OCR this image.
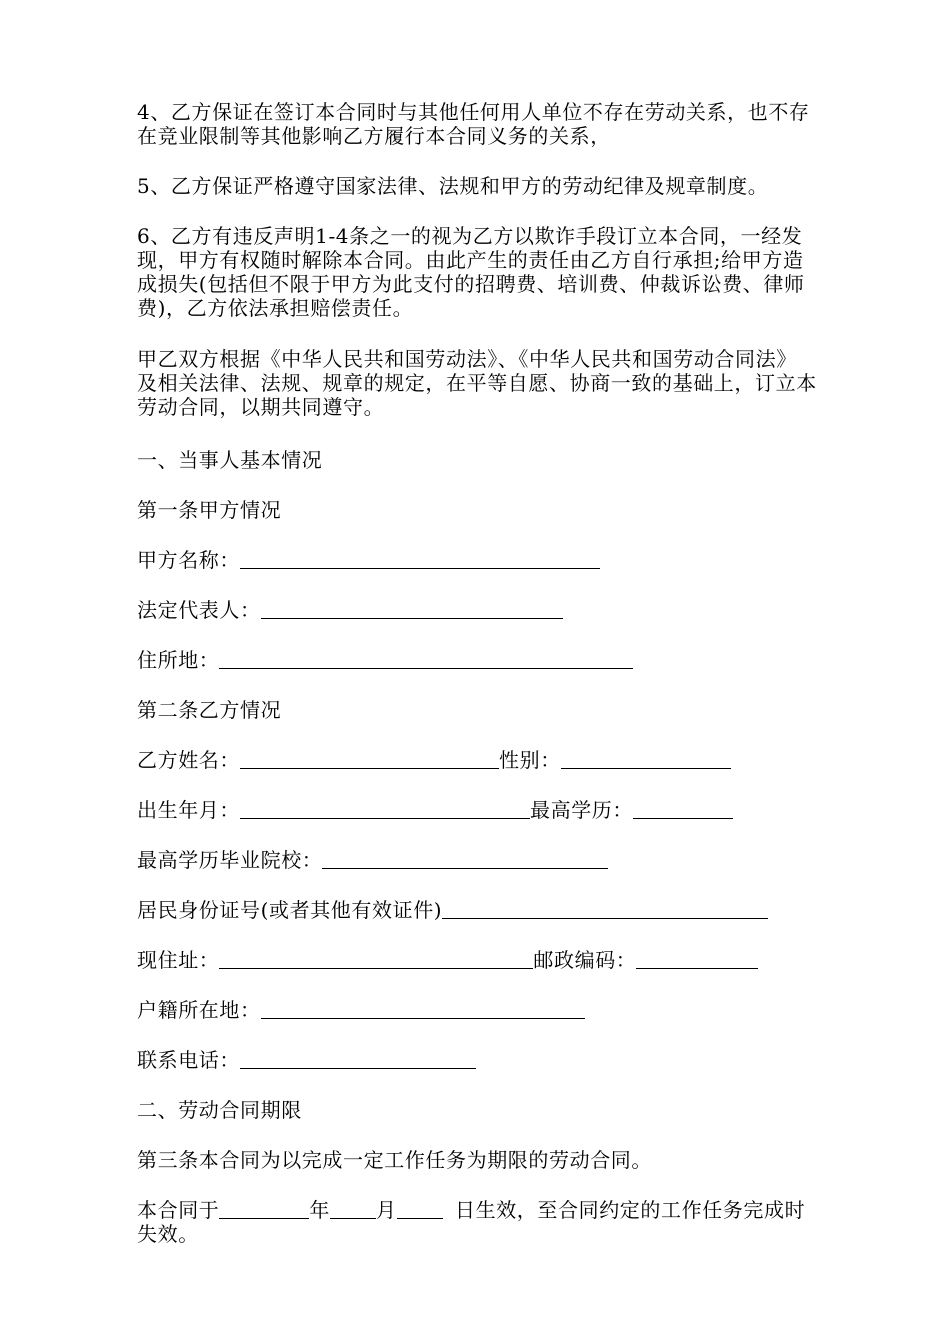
4、乙方保证在签订本合同时与其他任何用人单位不存在劳动关系，也不存在竞业限制等其他影响乙方履行本合同义务的关系，

5、乙方保证严格遵守国家法律、法规和甲方的劳动纪律及规章制度。

6、乙方有违反声明1-4条之一的视为乙方以欺诈手段订立本合同，一经发现，甲方有权随时解除本合同。由此产生的责任由乙方自行承担;给甲方造成损失(包括但不限于甲方为此支付的招聘费、培训费、仲裁诉讼费、律师费)，乙方依法承担赔偿责任。

甲乙双方根据《中华人民共和国劳动法》、《中华人民共和国劳动合同法》及相关法律、法规、规章的规定，在平等自愿、协商一致的基础上，订立本劳动合同，以期共同遵守。

一、当事人基本情况
第一条甲方情况
甲方名称：
法定代表人：
住所地：
第二条乙方情况
乙方姓名：	性别：
出生年月：	最高学历：
最高学历毕业院校：
居民身份证号(或者其他有效证件)
现住址：	邮政编码：
户籍所在地：
联系电话：
二、劳动合同期限
第三条本合同为以完成一定工作任务为期限的劳动合同。
本合同于	年 月	日生效，至合同约定的工作任务完成时失效。
